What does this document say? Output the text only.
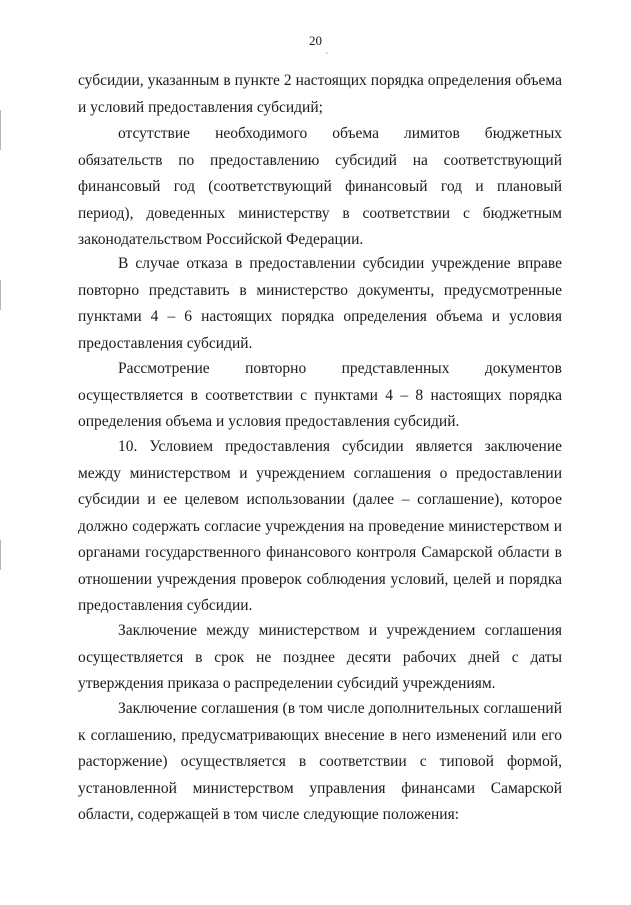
20
`

субсидии, указанным в пункте 2 настоящих порядка определения объема и условий предоставления субсидий;

отсутствие необходимого объема лимитов бюджетных обязательств по предоставлению субсидий на соответствующий финансовый год (соответствующий финансовый год и плановый период), доведенных министерству в соответствии с бюджетным законодательством Российской Федерации.

В случае отказа в предоставлении субсидии учреждение вправе повторно представить в министерство документы, предусмотренные пунктами 4 – 6 настоящих порядка определения объема и условия предоставления субсидий.

Рассмотрение повторно представленных документов осуществляется в соответствии с пунктами 4 – 8 настоящих порядка определения объема и условия предоставления субсидий.

10. Условием предоставления субсидии является заключение между министерством и учреждением соглашения о предоставлении субсидии и ее целевом использовании (далее – соглашение), которое должно содержать согласие учреждения на проведение министерством и органами государственного финансового контроля Самарской области в отношении учреждения проверок соблюдения условий, целей и порядка предоставления субсидии.

Заключение между министерством и учреждением соглашения осуществляется в срок не позднее десяти рабочих дней с даты утверждения приказа о распределении субсидий учреждениям.

Заключение соглашения (в том числе дополнительных соглашений к соглашению, предусматривающих внесение в него изменений или его расторжение) осуществляется в соответствии с типовой формой, установленной министерством управления финансами Самарской области, содержащей в том числе следующие положения:
